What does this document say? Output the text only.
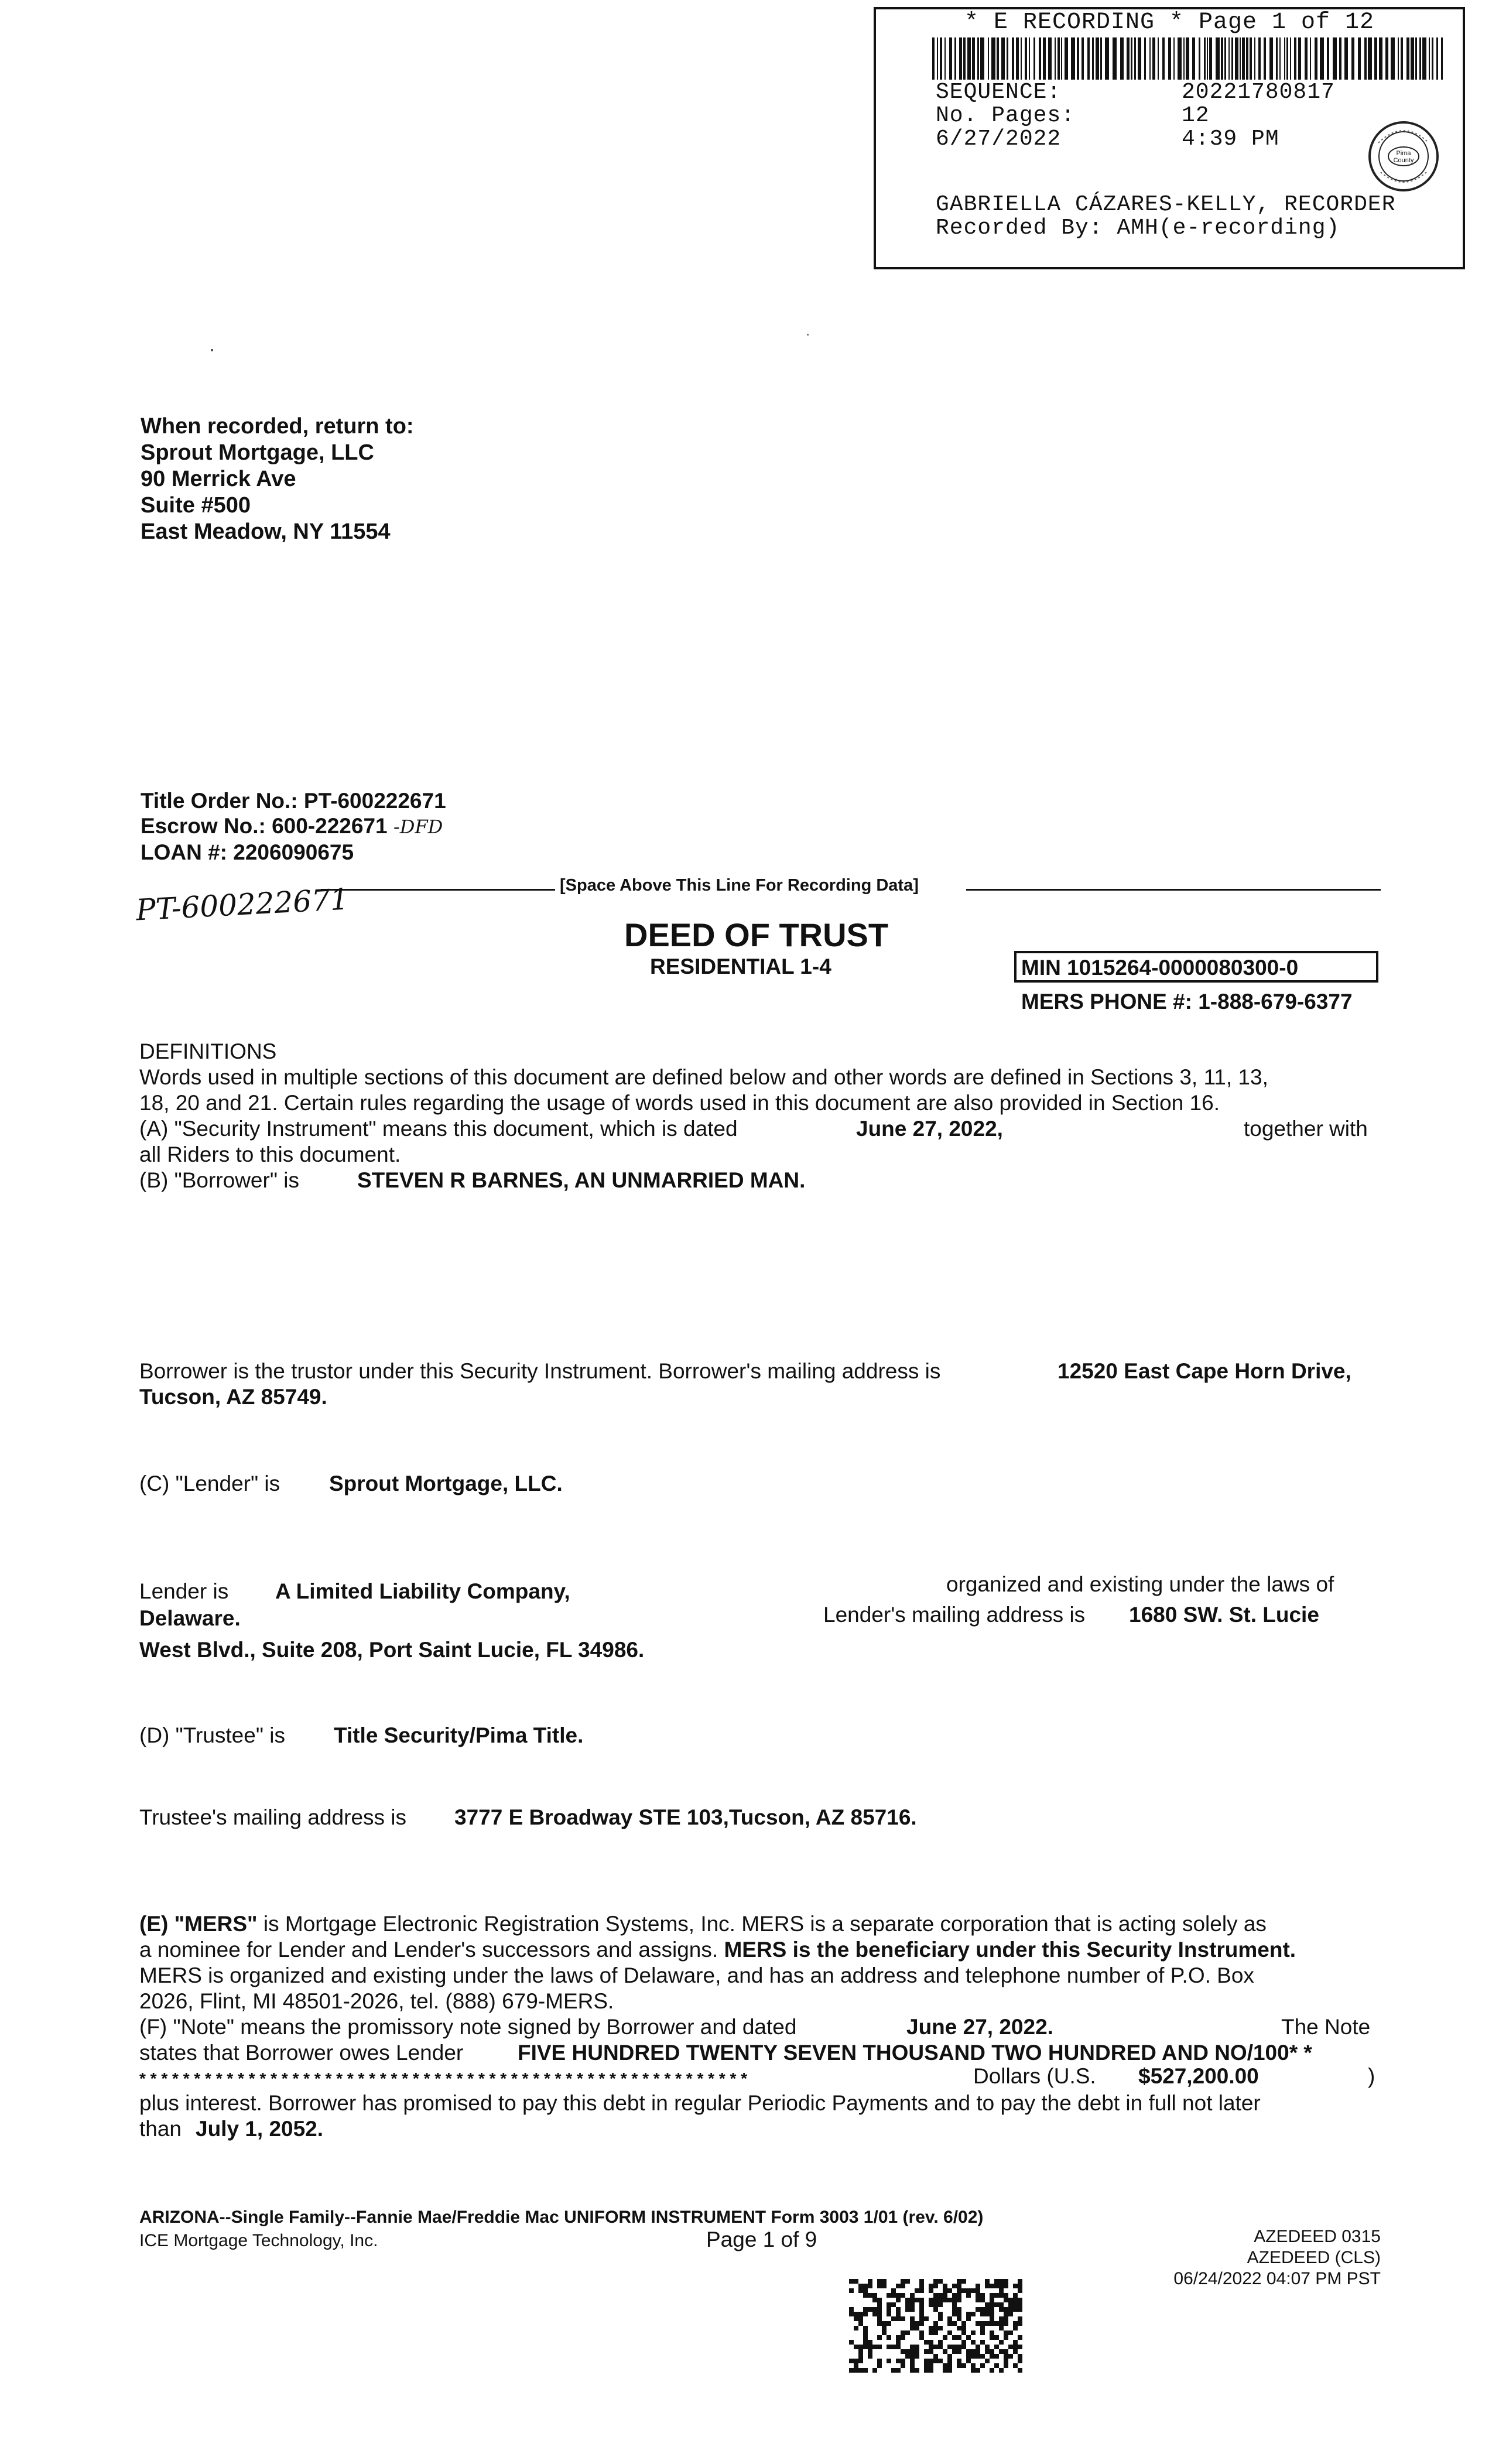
* E RECORDING * Page 1 of 12
SEQUENCE:	20221780817
No. Pages:	12
6/27/2022	4:39 PM
Pima County
GABRIELLA CÁZARES-KELLY, RECORDER
Recorded By: AMH(e-recording)
When recorded, return to:
Sprout Mortgage, LLC
90 Merrick Ave
Suite #500
East Meadow, NY 11554
Title Order No.: PT-600222671
Escrow No.: 600-222671 -DFD
LOAN #: 2206090675
PT-600222671	[Space Above This Line For Recording Data]
DEED OF TRUST
RESIDENTIAL 1-4	MIN 1015264-0000080300-0
MERS PHONE #: 1-888-679-6377
DEFINITIONS
Words used in multiple sections of this document are defined below and other words are defined in Sections 3, 11, 13,
18, 20 and 21. Certain rules regarding the usage of words used in this document are also provided in Section 16.
(A) "Security Instrument" means this document, which is dated	June 27, 2022,	together with
all Riders to this document.
(B) "Borrower" is	STEVEN R BARNES, AN UNMARRIED MAN.
Borrower is the trustor under this Security Instrument. Borrower's mailing address is	12520 East Cape Horn Drive,
Tucson, AZ 85749.
(C) "Lender" is Sprout Mortgage, LLC.
Lender is A Limited Liability Company,	organized and existing under the laws of
Delaware.	Lender's mailing address is 1680 SW. St. Lucie
West Blvd., Suite 208, Port Saint Lucie, FL 34986.
(D) "Trustee" is Title Security/Pima Title.
Trustee's mailing address is 3777 E Broadway STE 103,Tucson, AZ 85716.
(E) "MERS" is Mortgage Electronic Registration Systems, Inc. MERS is a separate corporation that is acting solely as
a nominee for Lender and Lender's successors and assigns. MERS is the beneficiary under this Security Instrument.
MERS is organized and existing under the laws of Delaware, and has an address and telephone number of P.O. Box
2026, Flint, MI 48501-2026, tel. (888) 679-MERS.
(F) "Note" means the promissory note signed by Borrower and dated	June 27, 2022.	The Note
states that Borrower owes Lender	FIVE HUNDRED TWENTY SEVEN THOUSAND TWO HUNDRED AND NO/100* *
* * * * * * * * * * * * * * * * * * * * * * * * * * * * * * * * * * * * * * * * * * * * * * * * * * * * * * * *	Dollars (U.S. $527,200.00	)
plus interest. Borrower has promised to pay this debt in regular Periodic Payments and to pay the debt in full not later
than July 1, 2052.
ARIZONA--Single Family--Fannie Mae/Freddie Mac UNIFORM INSTRUMENT Form 3003 1/01 (rev. 6/02)
ICE Mortgage Technology, Inc.	Page 1 of 9	AZEDEED 0315
AZEDEED (CLS)
06/24/2022 04:07 PM PST
